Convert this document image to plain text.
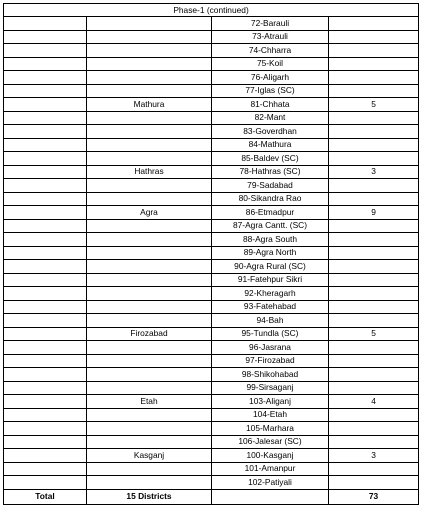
Phase-1 (continued)			
		72-Barauli	
		73-Atrauli	
		74-Chharra	
		75-Koil	
		76-Aligarh	
		77-Iglas (SC)	
	Mathura	81-Chhata	5
		82-Mant	
		83-Goverdhan	
		84-Mathura	
		85-Baldev (SC)	
	Hathras	78-Hathras (SC)	3
		79-Sadabad	
		80-Sikandra Rao	
	Agra	86-Etmadpur	9
		87-Agra Cantt. (SC)	
		88-Agra South	
		89-Agra North	
		90-Agra Rural (SC)	
		91-Fatehpur Sikri	
		92-Kheragarh	
		93-Fatehabad	
		94-Bah	
	Firozabad	95-Tundla (SC)	5
		96-Jasrana	
		97-Firozabad	
		98-Shikohabad	
		99-Sirsaganj	
	Etah	103-Aliganj	4
		104-Etah	
		105-Marhara	
		106-Jalesar (SC)	
	Kasganj	100-Kasganj	3
		101-Amanpur	
		102-Patiyali	
Total	15 Districts		73
